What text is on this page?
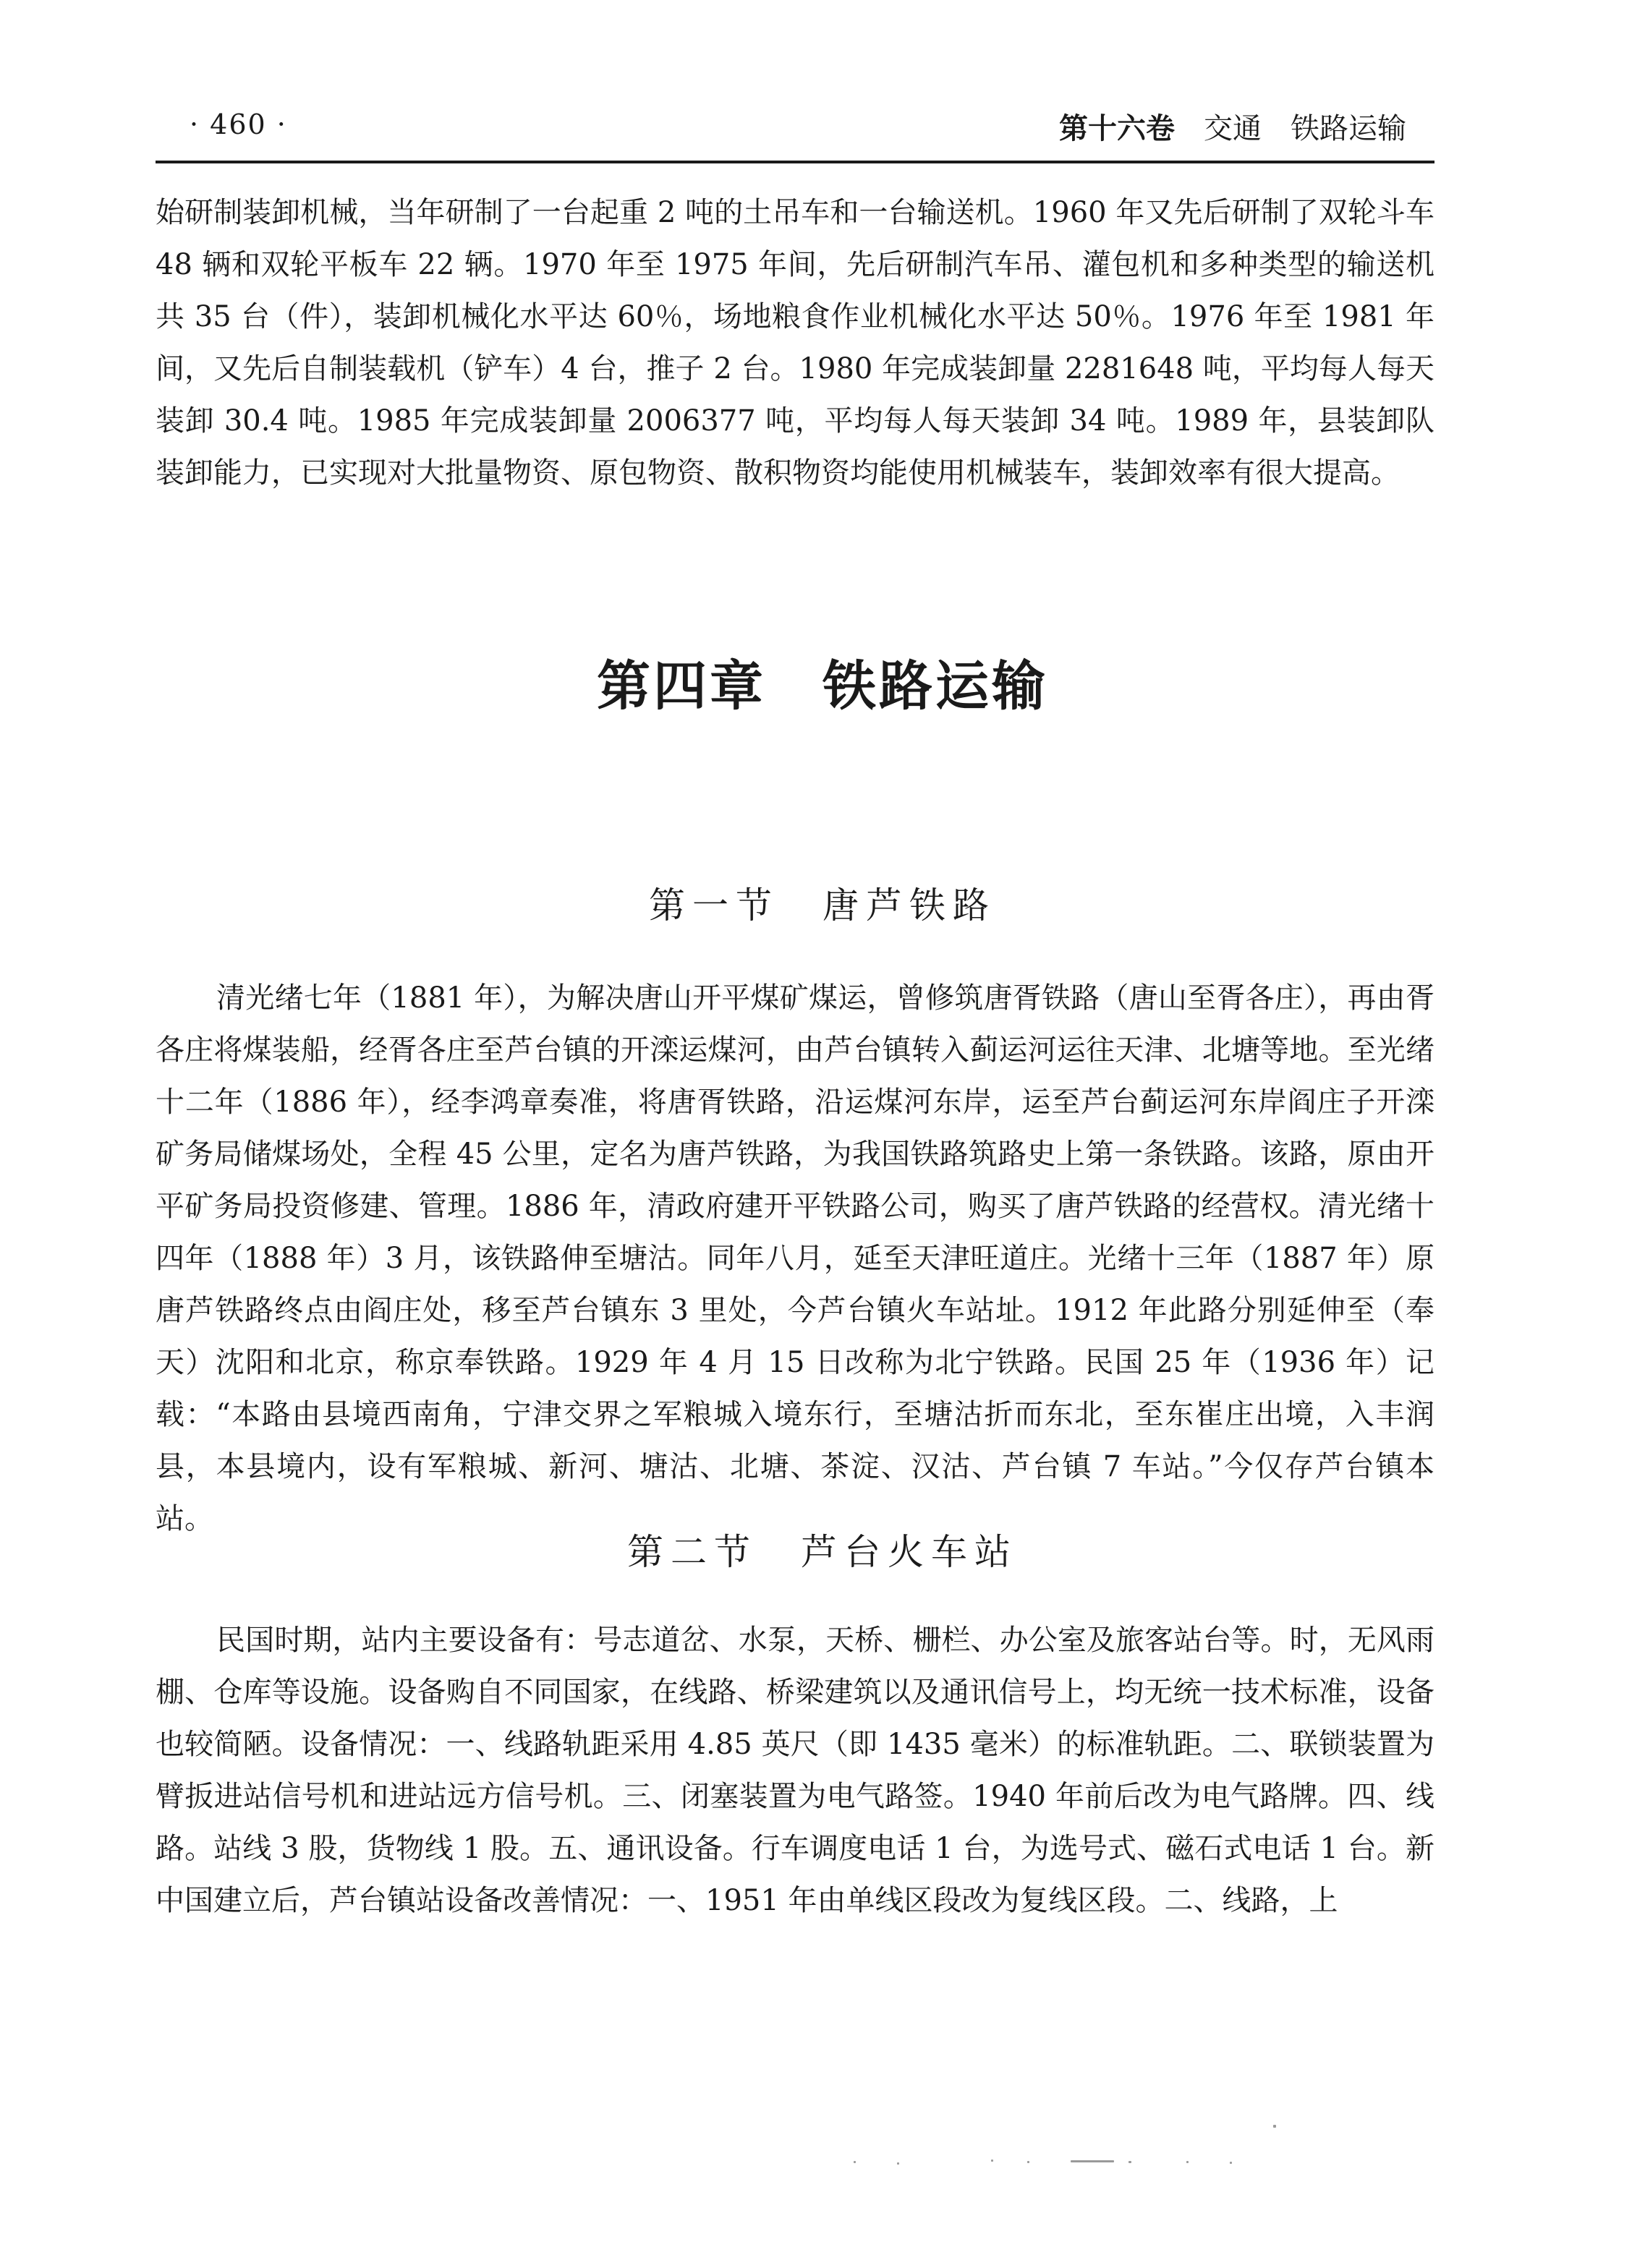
· 460 ·	第十六卷 交通 铁路运输

始研制装卸机械，当年研制了一台起重 2 吨的土吊车和一台输送机。1960 年又先后研制了双轮斗车 48 辆和双轮平板车 22 辆。1970 年至 1975 年间，先后研制汽车吊、灌包机和多种类型的输送机共 35 台（件），装卸机械化水平达 60％，场地粮食作业机械化水平达 50％。1976 年至 1981 年间，又先后自制装载机（铲车）4 台，推子 2 台。1980 年完成装卸量 2281648 吨，平均每人每天装卸 30.4 吨。1985 年完成装卸量 2006377 吨，平均每人每天装卸 34 吨。1989 年，县装卸队装卸能力，已实现对大批量物资、原包物资、散积物资均能使用机械装车，装卸效率有很大提高。

第四章　铁路运输
第一节　唐芦铁路

清光绪七年（1881 年），为解决唐山开平煤矿煤运，曾修筑唐胥铁路（唐山至胥各庄），再由胥各庄将煤装船，经胥各庄至芦台镇的开滦运煤河，由芦台镇转入蓟运河运往天津、北塘等地。至光绪十二年（1886 年），经李鸿章奏准，将唐胥铁路，沿运煤河东岸，运至芦台蓟运河东岸阎庄子开滦矿务局储煤场处，全程 45 公里，定名为唐芦铁路，为我国铁路筑路史上第一条铁路。该路，原由开平矿务局投资修建、管理。1886 年，清政府建开平铁路公司，购买了唐芦铁路的经营权。清光绪十四年（1888 年）3 月，该铁路伸至塘沽。同年八月，延至天津旺道庄。光绪十三年（1887 年）原唐芦铁路终点由阎庄处，移至芦台镇东 3 里处，今芦台镇火车站址。1912 年此路分别延伸至（奉天）沈阳和北京，称京奉铁路。1929 年 4 月 15 日改称为北宁铁路。民国 25 年（1936 年）记载：“本路由县境西南角，宁津交界之军粮城入境东行，至塘沽折而东北，至东崔庄出境，入丰润县，本县境内，设有军粮城、新河、塘沽、北塘、茶淀、汉沽、芦台镇 7 车站。”今仅存芦台镇本站。

第二节　芦台火车站

民国时期，站内主要设备有：号志道岔、水泵，天桥、栅栏、办公室及旅客站台等。时，无风雨棚、仓库等设施。设备购自不同国家，在线路、桥梁建筑以及通讯信号上，均无统一技术标准，设备也较简陋。设备情况：一、线路轨距采用 4.85 英尺（即 1435 毫米）的标准轨距。二、联锁装置为臂扳进站信号机和进站远方信号机。三、闭塞装置为电气路签。1940 年前后改为电气路牌。四、线路。站线 3 股，货物线 1 股。五、通讯设备。行车调度电话 1 台，为选号式、磁石式电话 1 台。新中国建立后，芦台镇站设备改善情况：一、1951 年由单线区段改为复线区段。二、线路，上
